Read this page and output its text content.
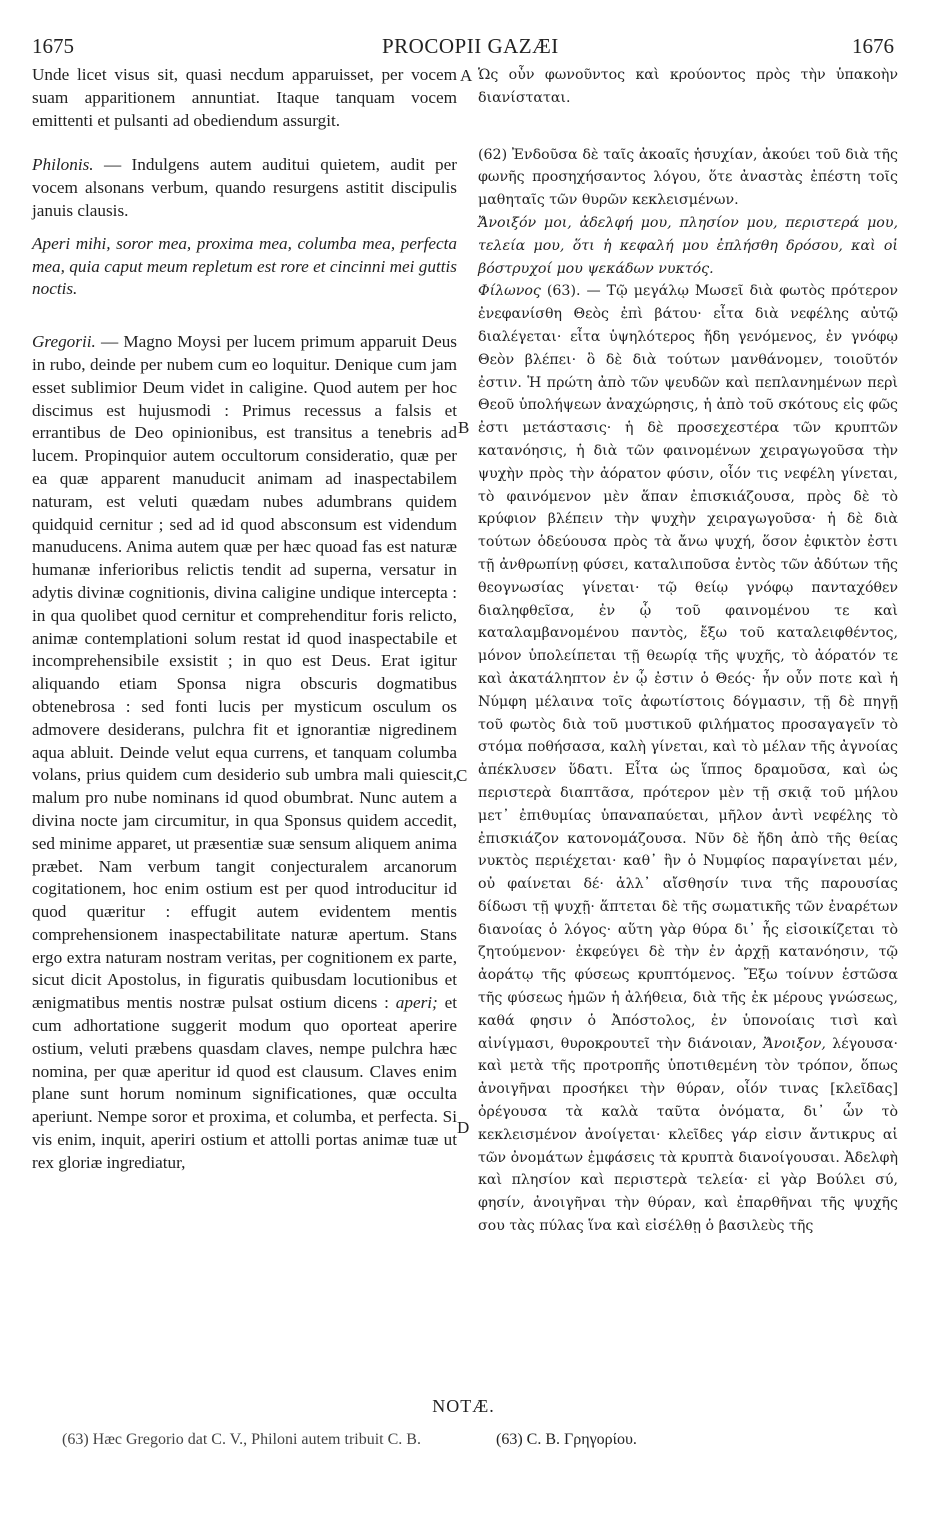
1675	PROCOPII GAZÆI	1676

Unde licet visus sit, quasi necdum apparuisset, per vocem suam apparitionem annuntiat. Itaque tanquam vocem emittenti et pulsanti ad obediendum assurgit.

Philonis. — Indulgens autem auditui quietem, audit per vocem alsonans verbum, quando resurgens astitit discipulis januis clausis.

Aperi mihi, soror mea, proxima mea, columba mea, perfecta mea, quia caput meum repletum est rore et cincinni mei guttis noctis.

Gregorii. — Magno Moysi per lucem primum apparuit Deus in rubo, deinde per nubem cum eo loquitur. Denique cum jam esset sublimior Deum videt in caligine. Quod autem per hoc discimus est hujusmodi : Primus recessus a falsis et errantibus de Deo opinionibus, est transitus a tenebris ad lucem. Propinquior autem occultorum consideratio, quæ per ea quæ apparent manuducit animam ad inaspectabilem naturam, est veluti quædam nubes adumbrans quidem quidquid cernitur ; sed ad id quod absconsum est videndum manuducens. Anima autem quæ per hæc quoad fas est naturæ humanæ inferioribus relictis tendit ad superna, versatur in adytis divinæ cognitionis, divina caligine undique intercepta : in qua quolibet quod cernitur et comprehenditur foris relicto, animæ contemplationi solum restat id quod inaspectabile et incomprehensibile exsistit ; in quo est Deus. Erat igitur aliquando etiam Sponsa nigra obscuris dogmatibus obtenebrosa : sed fonti lucis per mysticum osculum os admovere desiderans, pulchra fit et ignorantiæ nigredinem aqua abluit. Deinde velut equa currens, et tanquam columba volans, prius quidem cum desiderio sub umbra mali quiescit, malum pro nube nominans id quod obumbrat. Nunc autem a divina nocte jam circumitur, in qua Sponsus quidem accedit, sed minime apparet, ut præsentiæ suæ sensum aliquem anima præbet. Nam verbum tangit conjecturalem arcanorum cogitationem, hoc enim ostium est per quod introducitur id quod quæritur : effugit autem evidentem mentis comprehensionem inaspectabilitate naturæ apertum. Stans ergo extra naturam nostram veritas, per cognitionem ex parte, sicut dicit Apostolus, in figuratis quibusdam locutionibus et ænigmatibus mentis nostræ pulsat ostium dicens : aperi; et cum adhortatione suggerit modum quo oporteat aperire ostium, veluti præbens quasdam claves, nempe pulchra hæc nomina, per quæ aperitur id quod est clausum. Claves enim plane sunt horum nominum significationes, quæ occulta aperiunt. Nempe soror et proxima, et columba, et perfecta. Si vis enim, inquit, aperiri ostium et attolli portas animæ tuæ ut rex gloriæ ingrediatur,

A
B
C
D

Ὡς οὖν φωνοῦντος καὶ κρούοντος πρὸς τὴν ὑπακοὴν διανίσταται.

(62) Ἐνδοῦσα δὲ ταῖς ἀκοαῖς ἡσυχίαν, ἀκούει τοῦ διὰ τῆς φωνῆς προσηχήσαντος λόγου, ὅτε ἀναστὰς ἐπέστη τοῖς μαθηταῖς τῶν θυρῶν κεκλεισμένων.

Ἄνοιξόν μοι, ἀδελφή μου, πλησίον μου, περιστερά μου, τελεία μου, ὅτι ἡ κεφαλή μου ἐπλήσθη δρόσου, καὶ οἱ βόστρυχοί μου ψεκάδων νυκτός.

Φίλωνος (63). — Τῷ μεγάλῳ Μωσεῖ διὰ φωτὸς πρότερον ἐνεφανίσθη Θεὸς ἐπὶ βάτου· εἶτα διὰ νεφέλης αὐτῷ διαλέγεται· εἶτα ὑψηλότερος ἤδη γενόμενος, ἐν γνόφῳ Θεὸν βλέπει· ὃ δὲ διὰ τούτων μανθάνομεν, τοιοῦτόν ἐστιν. Ἡ πρώτη ἀπὸ τῶν ψευδῶν καὶ πεπλανημένων περὶ Θεοῦ ὑπολήψεων ἀναχώρησις, ἡ ἀπὸ τοῦ σκότους εἰς φῶς ἐστι μετάστασις· ἡ δὲ προσεχεστέρα τῶν κρυπτῶν κατανόησις, ἡ διὰ τῶν φαινομένων χειραγωγοῦσα τὴν ψυχὴν πρὸς τὴν ἀόρατον φύσιν, οἷόν τις νεφέλη γίνεται, τὸ φαινόμενον μὲν ἅπαν ἐπισκιάζουσα, πρὸς δὲ τὸ κρύφιον βλέπειν τὴν ψυχὴν χειραγωγοῦσα· ἡ δὲ διὰ τούτων ὁδεύουσα πρὸς τὰ ἄνω ψυχή, ὅσον ἐφικτὸν ἐστι τῇ ἀνθρωπίνῃ φύσει, καταλιποῦσα ἐντὸς τῶν ἀδύτων τῆς θεογνωσίας γίνεται· τῷ θείῳ γνόφῳ πανταχόθεν διαληφθεῖσα, ἐν ᾧ τοῦ φαινομένου τε καὶ καταλαμβανομένου παντὸς, ἔξω τοῦ καταλειφθέντος, μόνον ὑπολείπεται τῇ θεωρίᾳ τῆς ψυχῆς, τὸ ἀόρατόν τε καὶ ἀκατάληπτον ἐν ᾧ ἐστιν ὁ Θεός· ἦν οὖν ποτε καὶ ἡ Νύμφη μέλαινα τοῖς ἀφωτίστοις δόγμασιν, τῇ δὲ πηγῇ τοῦ φωτὸς διὰ τοῦ μυστικοῦ φιλήματος προσαγαγεῖν τὸ στόμα ποθήσασα, καλὴ γίνεται, καὶ τὸ μέλαν τῆς ἀγνοίας ἀπέκλυσεν ὕδατι. Εἶτα ὡς ἵππος δραμοῦσα, καὶ ὡς περιστερὰ διαπτᾶσα, πρότερον μὲν τῇ σκιᾷ τοῦ μήλου μετ᾽ ἐπιθυμίας ὑπαναπαύεται, μῆλον ἀντὶ νεφέλης τὸ ἐπισκιάζον κατονομάζουσα. Νῦν δὲ ἤδη ἀπὸ τῆς θείας νυκτὸς περιέχεται· καθ᾽ ἣν ὁ Νυμφίος παραγίνεται μέν, οὐ φαίνεται δέ· ἀλλ᾽ αἴσθησίν τινα τῆς παρουσίας δίδωσι τῇ ψυχῇ· ἅπτεται δὲ τῆς σωματικῆς τῶν ἐναρέτων διανοίας ὁ λόγος· αὕτη γὰρ θύρα δι᾽ ἧς εἰσοικίζεται τὸ ζητούμενον· ἐκφεύγει δὲ τὴν ἐν ἀρχῇ κατανόησιν, τῷ ἀοράτῳ τῆς φύσεως κρυπτόμενος. Ἔξω τοίνυν ἑστῶσα τῆς φύσεως ἡμῶν ἡ ἀλήθεια, διὰ τῆς ἐκ μέρους γνώσεως, καθά φησιν ὁ Ἀπόστολος, ἐν ὑπονοίαις τισὶ καὶ αἰνίγμασι, θυροκρουτεῖ τὴν διάνοιαν, Ἄνοιξον, λέγουσα· καὶ μετὰ τῆς προτροπῆς ὑποτιθεμένη τὸν τρόπον, ὅπως ἀνοιγῆναι προσήκει τὴν θύραν, οἷόν τινας [κλεῖδας] ὀρέγουσα τὰ καλὰ ταῦτα ὀνόματα, δι᾽ ὧν τὸ κεκλεισμένον ἀνοίγεται· κλεῖδες γάρ εἰσιν ἄντικρυς αἱ τῶν ὀνομάτων ἐμφάσεις τὰ κρυπτὰ διανοίγουσαι. Ἀδελφὴ καὶ πλησίον καὶ περιστερὰ τελεία· εἰ γὰρ Βούλει σύ, φησίν, ἀνοιγῆναι τὴν θύραν, καὶ ἐπαρθῆναι τῆς ψυχῆς σου τὰς πύλας ἵνα καὶ εἰσέλθῃ ὁ βασιλεὺς τῆς

NOTÆ.
(63) Hæc Gregorio dat C. V., Philoni autem tribuit C. B.	(63) C. B. Γρηγορίου.
